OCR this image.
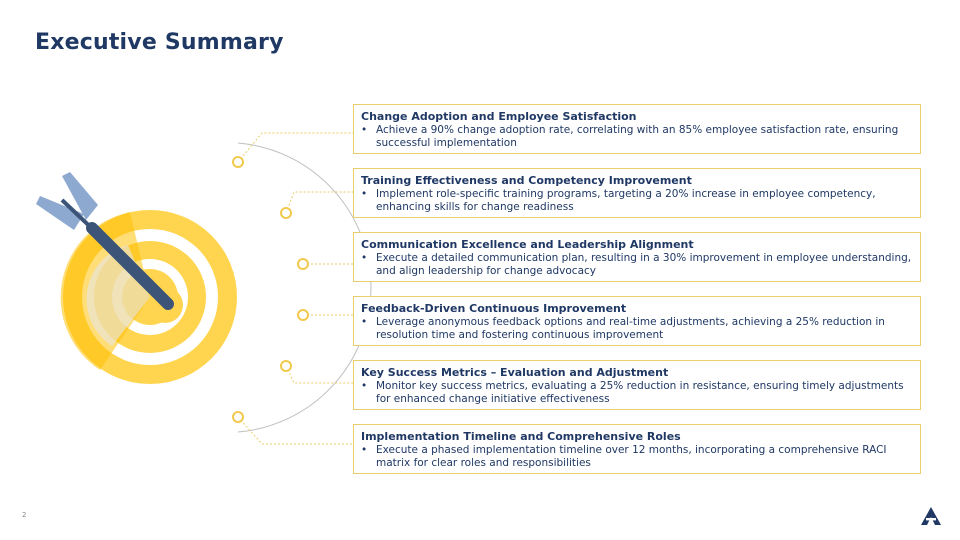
Executive Summary
Change Adoption and Employee Satisfaction
• Achieve a 90% change adoption rate, correlating with an 85% employee satisfaction rate, ensuring successful implementation
Training Effectiveness and Competency Improvement
• Implement role-specific training programs, targeting a 20% increase in employee competency, enhancing skills for change readiness
Communication Excellence and Leadership Alignment
• Execute a detailed communication plan, resulting in a 30% improvement in employee understanding, and align leadership for change advocacy
Feedback-Driven Continuous Improvement
• Leverage anonymous feedback options and real-time adjustments, achieving a 25% reduction in resolution time and fostering continuous improvement
Key Success Metrics – Evaluation and Adjustment
• Monitor key success metrics, evaluating a 25% reduction in resistance, ensuring timely adjustments for enhanced change initiative effectiveness
Implementation Timeline and Comprehensive Roles
• Execute a phased implementation timeline over 12 months, incorporating a comprehensive RACI matrix for clear roles and responsibilities
2
